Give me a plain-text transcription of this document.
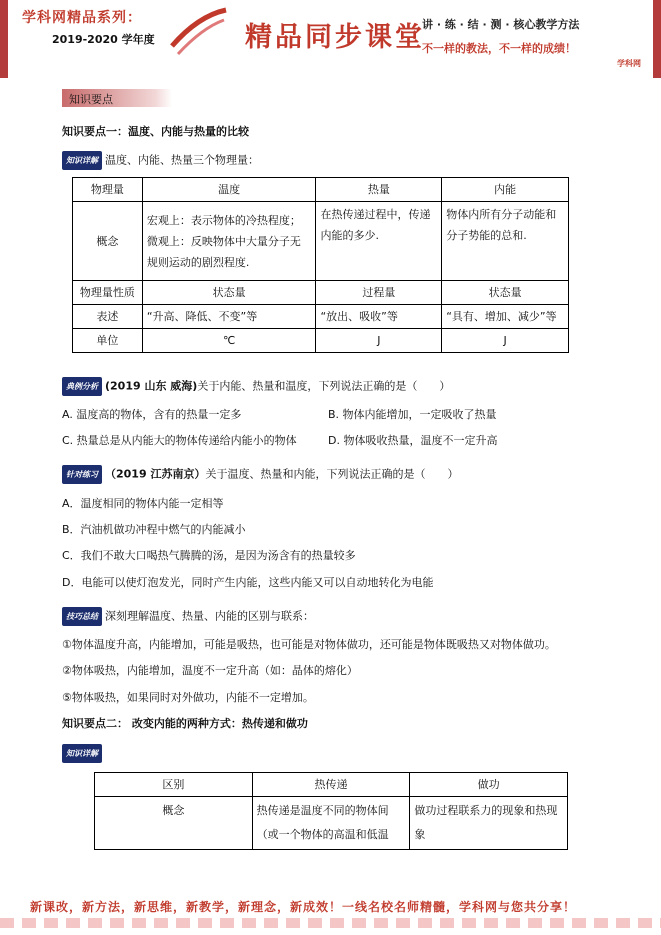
学科网精品系列：
2019-2020 学年度	精品同步课堂
讲 · 练 · 结 · 测 · 核心教学方法
不一样的教法，不一样的成绩！
学科网
知识要点
知识要点一：温度、内能与热量的比较
知识详解 温度、内能、热量三个物理量：
物理量	温度	热量	内能
概念	宏观上：表示物体的冷热程度；微观上：反映物体中大量分子无规则运动的剧烈程度.	在热传递过程中，传递内能的多少.	物体内所有分子动能和分子势能的总和.
物理量性质	状态量	过程量	状态量
表述	“升高、降低、不变”等	“放出、吸收”等	“具有、增加、减少”等
单位	℃	J	J
典例分析 (2019 山东 威海)关于内能、热量和温度，下列说法正确的是（　　）
A. 温度高的物体，含有的热量一定多	B. 物体内能增加，一定吸收了热量
C. 热量总是从内能大的物体传递给内能小的物体	D. 物体吸收热量，温度不一定升高
针对练习 （2019 江苏南京）关于温度、热量和内能，下列说法正确的是（　　）
A．温度相同的物体内能一定相等
B．汽油机做功冲程中燃气的内能减小
C．我们不敢大口喝热气腾腾的汤，是因为汤含有的热量较多
D．电能可以使灯泡发光，同时产生内能，这些内能又可以自动地转化为电能
技巧总结 深刻理解温度、热量、内能的区别与联系：
①物体温度升高，内能增加，可能是吸热，也可能是对物体做功，还可能是物体既吸热又对物体做功。
②物体吸热，内能增加，温度不一定升高（如：晶体的熔化）
⑤物体吸热，如果同时对外做功，内能不一定增加。
知识要点二： 改变内能的两种方式：热传递和做功
知识详解
区别	热传递	做功
概念	热传递是温度不同的物体间（或一个物体的高温和低温	做功过程联系力的现象和热现象
新课改，新方法，新思维，新教学，新理念，新成效！一线名校名师精髓，学科网与您共分享！
